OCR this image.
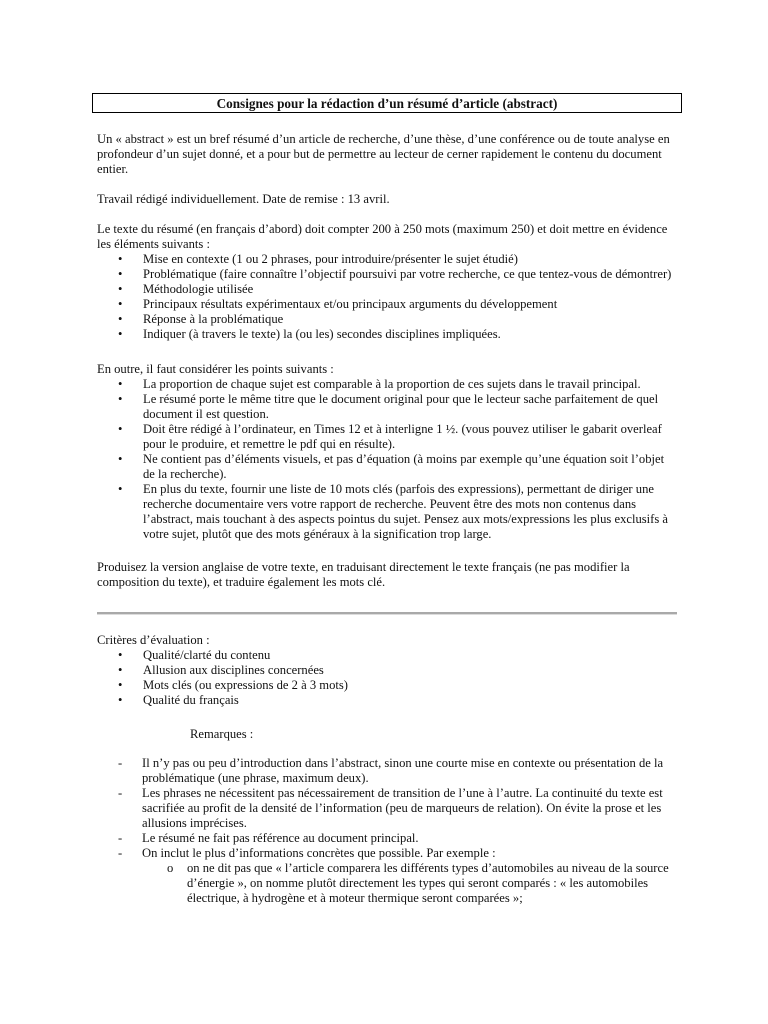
Consignes pour la rédaction d’un résumé d’article (abstract)

Un « abstract » est un bref résumé d’un article de recherche, d’une thèse, d’une conférence ou de toute analyse en profondeur d’un sujet donné, et a pour but de permettre au lecteur de cerner rapidement le contenu du document entier.

Travail rédigé individuellement. Date de remise : 13 avril.

Le texte du résumé (en français d’abord) doit compter 200 à 250 mots (maximum 250) et doit mettre en évidence les éléments suivants :

• Mise en contexte (1 ou 2 phrases, pour introduire/présenter le sujet étudié)
• Problématique (faire connaître l’objectif poursuivi par votre recherche, ce que tentez-vous de démontrer)
• Méthodologie utilisée
• Principaux résultats expérimentaux et/ou principaux arguments du développement
• Réponse à la problématique
• Indiquer (à travers le texte) la (ou les) secondes disciplines impliquées.

En outre, il faut considérer les points suivants :

• La proportion de chaque sujet est comparable à la proportion de ces sujets dans le travail principal.
• Le résumé porte le même titre que le document original pour que le lecteur sache parfaitement de quel document il est question.
• Doit être rédigé à l’ordinateur, en Times 12 et à interligne 1 ½. (vous pouvez utiliser le gabarit overleaf pour le produire, et remettre le pdf qui en résulte).
• Ne contient pas d’éléments visuels, et pas d’équation (à moins par exemple qu’une équation soit l’objet de la recherche).
• En plus du texte, fournir une liste de 10 mots clés (parfois des expressions), permettant de diriger une recherche documentaire vers votre rapport de recherche. Peuvent être des mots non contenus dans l’abstract, mais touchant à des aspects pointus du sujet. Pensez aux mots/expressions les plus exclusifs à votre sujet, plutôt que des mots généraux à la signification trop large.

Produisez la version anglaise de votre texte, en traduisant directement le texte français (ne pas modifier la composition du texte), et traduire également les mots clé.

Critères d’évaluation :

• Qualité/clarté du contenu
• Allusion aux disciplines concernées
• Mots clés (ou expressions de 2 à 3 mots)
• Qualité du français

Remarques :

- Il n’y pas ou peu d’introduction dans l’abstract, sinon une courte mise en contexte ou présentation de la problématique (une phrase, maximum deux).
- Les phrases ne nécessitent pas nécessairement de transition de l’une à l’autre. La continuité du texte est sacrifiée au profit de la densité de l’information (peu de marqueurs de relation). On évite la prose et les allusions imprécises.
- Le résumé ne fait pas référence au document principal.
- On inclut le plus d’informations concrètes que possible. Par exemple :
o on ne dit pas que « l’article comparera les différents types d’automobiles au niveau de la source d’énergie », on nomme plutôt directement les types qui seront comparés : « les automobiles électrique, à hydrogène et à moteur thermique seront comparées »;
